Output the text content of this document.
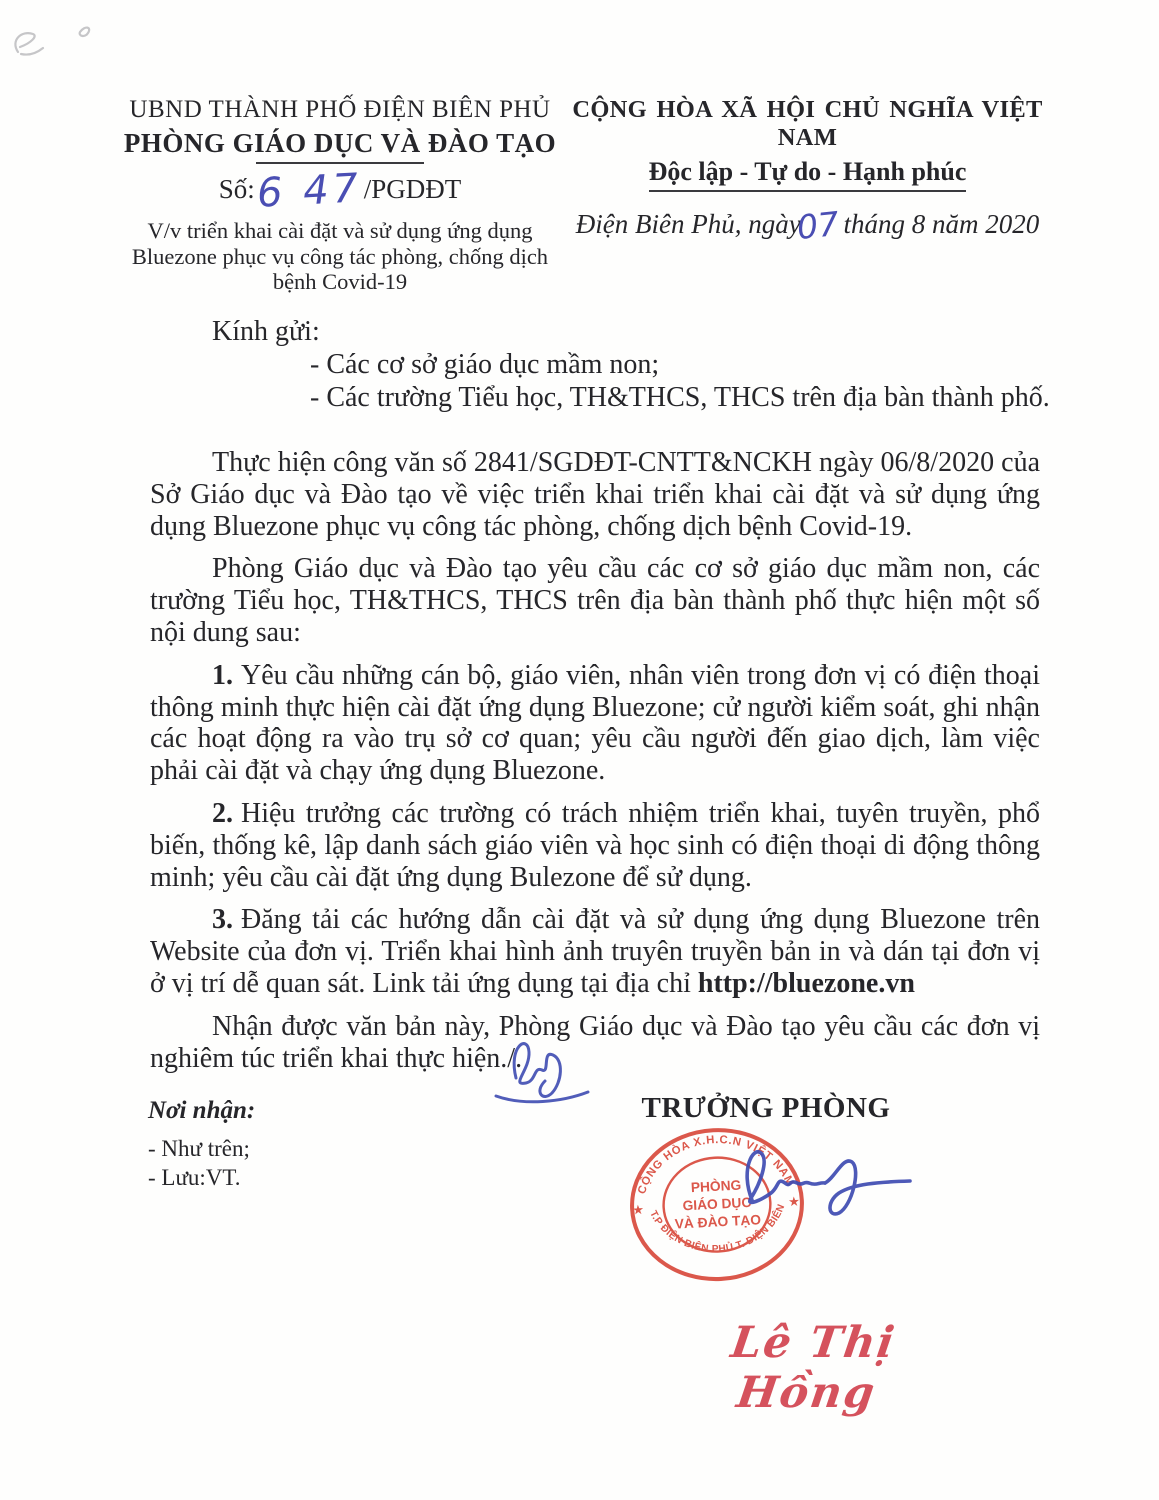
UBND THÀNH PHỐ ĐIỆN BIÊN PHỦ
PHÒNG GIÁO DỤC VÀ ĐÀO TẠO
Số:6 47/PGDĐT
V/v triển khai cài đặt và sử dụng ứng dụng Bluezone phục vụ công tác phòng, chống dịch bệnh Covid-19
CỘNG HÒA XÃ HỘI CHỦ NGHĨA VIỆT NAM
Độc lập - Tự do - Hạnh phúc
Điện Biên Phủ, ngày07 tháng 8 năm 2020
Kính gửi:
- Các cơ sở giáo dục mầm non;
- Các trường Tiểu học, TH&THCS, THCS trên địa bàn thành phố.

Thực hiện công văn số 2841/SGDĐT-CNTT&NCKH ngày 06/8/2020 của Sở Giáo dục và Đào tạo về việc triển khai triển khai cài đặt và sử dụng ứng dụng Bluezone phục vụ công tác phòng, chống dịch bệnh Covid-19.

Phòng Giáo dục và Đào tạo yêu cầu các cơ sở giáo dục mầm non, các trường Tiểu học, TH&THCS, THCS trên địa bàn thành phố thực hiện một số nội dung sau:

1. Yêu cầu những cán bộ, giáo viên, nhân viên trong đơn vị có điện thoại thông minh thực hiện cài đặt ứng dụng Bluezone; cử người kiểm soát, ghi nhận các hoạt động ra vào trụ sở cơ quan; yêu cầu người đến giao dịch, làm việc phải cài đặt và chạy ứng dụng Bluezone.

2. Hiệu trưởng các trường có trách nhiệm triển khai, tuyên truyền, phổ biến, thống kê, lập danh sách giáo viên và học sinh có điện thoại di động thông minh; yêu cầu cài đặt ứng dụng Bulezone để sử dụng.

3. Đăng tải các hướng dẫn cài đặt và sử dụng ứng dụng Bluezone trên Website của đơn vị. Triển khai hình ảnh truyên truyền bản in và dán tại đơn vị ở vị trí dễ quan sát. Link tải ứng dụng tại địa chỉ http://bluezone.vn

Nhận được văn bản này, Phòng Giáo dục và Đào tạo yêu cầu các đơn vị nghiêm túc triển khai thực hiện./.

Nơi nhận:
- Như trên;
- Lưu:VT.
TRƯỞNG PHÒNG
CỘNG HÒA X.H.C.N VIỆT NAM
T.P ĐIỆN BIÊN PHỦ T. ĐIỆN BIÊN
PHÒNG
GIÁO DỤC
VÀ ĐÀO TẠO
★
★
Lê Thị Hồng
